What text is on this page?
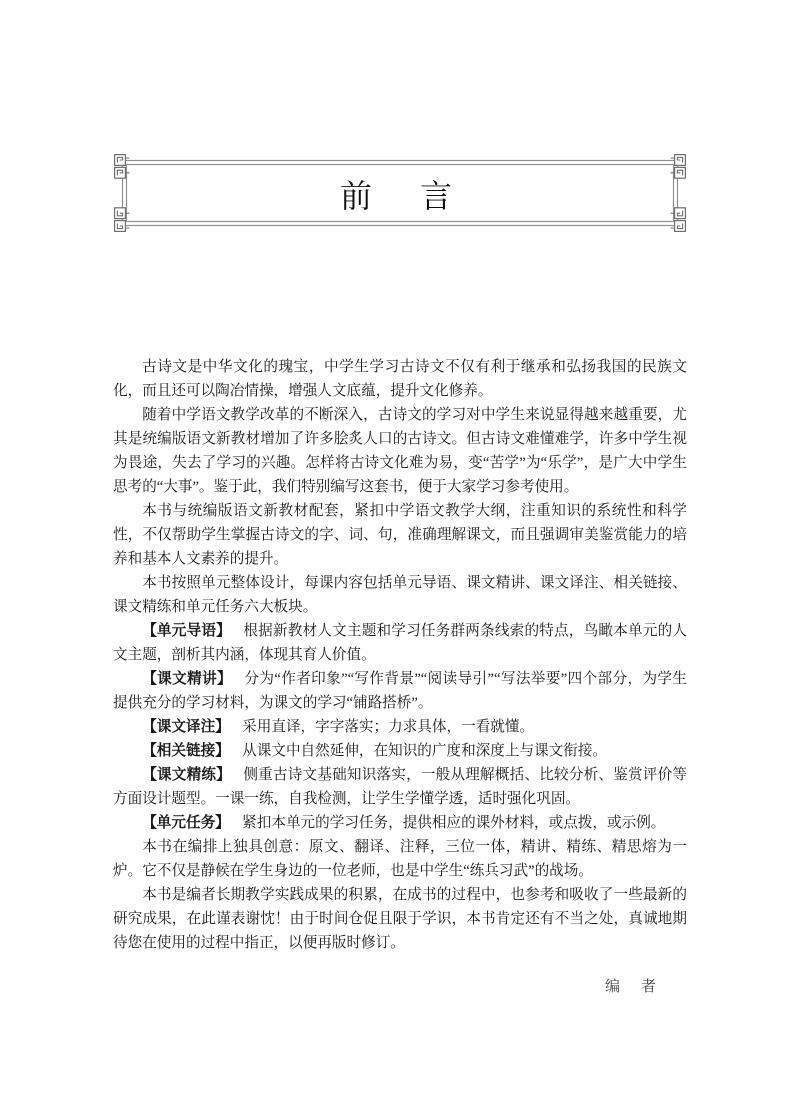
前　言

古诗文是中华文化的瑰宝，中学生学习古诗文不仅有利于继承和弘扬我国的民族文化，而且还可以陶冶情操，增强人文底蕴，提升文化修养。

随着中学语文教学改革的不断深入，古诗文的学习对中学生来说显得越来越重要，尤其是统编版语文新教材增加了许多脍炙人口的古诗文。但古诗文难懂难学，许多中学生视为畏途，失去了学习的兴趣。怎样将古诗文化难为易，变“苦学”为“乐学”，是广大中学生思考的“大事”。鉴于此，我们特别编写这套书，便于大家学习参考使用。

本书与统编版语文新教材配套，紧扣中学语文教学大纲，注重知识的系统性和科学性，不仅帮助学生掌握古诗文的字、词、句，准确理解课文，而且强调审美鉴赏能力的培养和基本人文素养的提升。

本书按照单元整体设计，每课内容包括单元导语、课文精讲、课文译注、相关链接、课文精练和单元任务六大板块。

【单元导语】 根据新教材人文主题和学习任务群两条线索的特点，鸟瞰本单元的人文主题，剖析其内涵，体现其育人价值。

【课文精讲】 分为“作者印象”“写作背景”“阅读导引”“写法举要”四个部分，为学生提供充分的学习材料，为课文的学习“铺路搭桥”。

【课文译注】 采用直译，字字落实；力求具体，一看就懂。

【相关链接】 从课文中自然延伸，在知识的广度和深度上与课文衔接。

【课文精练】 侧重古诗文基础知识落实，一般从理解概括、比较分析、鉴赏评价等方面设计题型。一课一练，自我检测，让学生学懂学透，适时强化巩固。

【单元任务】 紧扣本单元的学习任务，提供相应的课外材料，或点拨，或示例。

本书在编排上独具创意：原文、翻译、注释，三位一体，精讲、精练、精思熔为一炉。它不仅是静候在学生身边的一位老师，也是中学生“练兵习武”的战场。

本书是编者长期教学实践成果的积累，在成书的过程中，也参考和吸收了一些最新的研究成果，在此谨表谢忱！由于时间仓促且限于学识，本书肯定还有不当之处，真诚地期待您在使用的过程中指正，以便再版时修订。

编　者
